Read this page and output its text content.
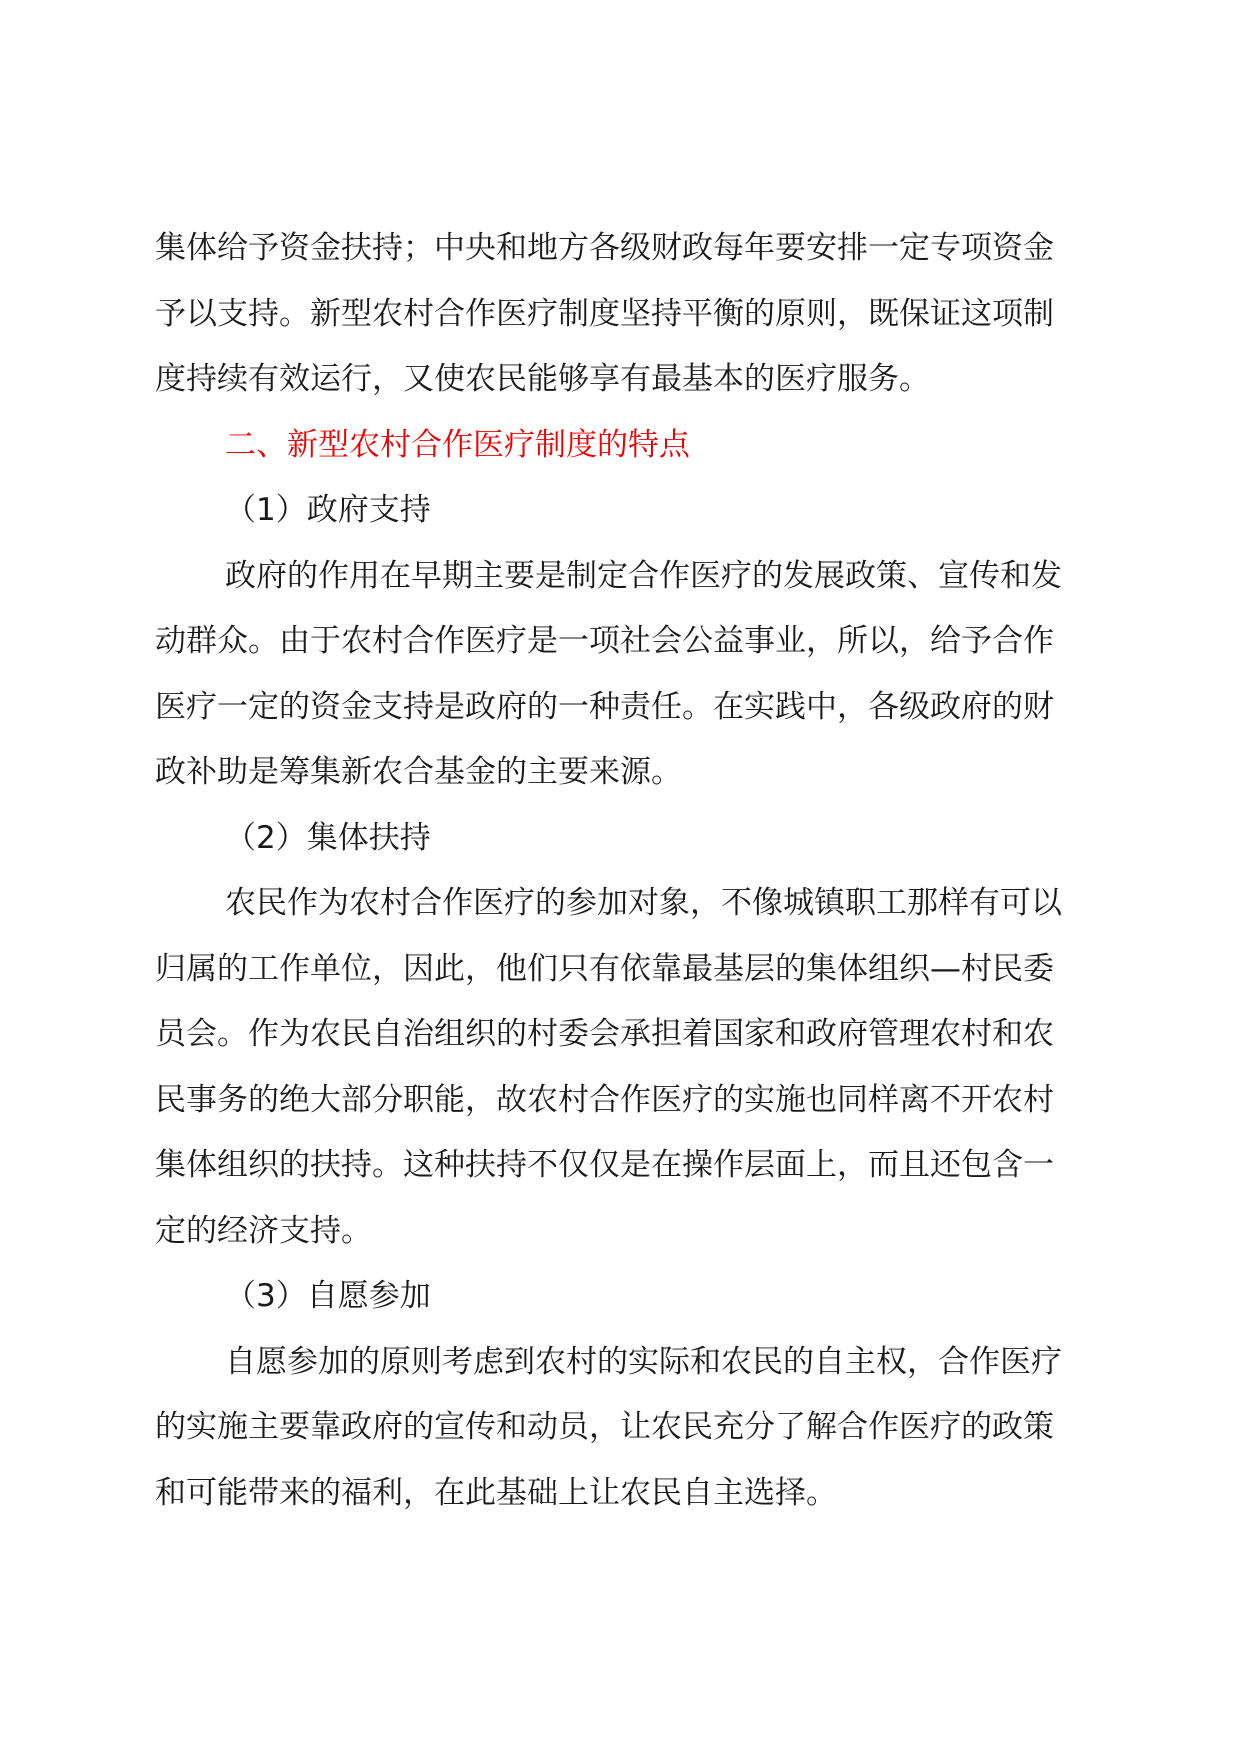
集体给予资金扶持；中央和地方各级财政每年要安排一定专项资金予以支持。新型农村合作医疗制度坚持平衡的原则，既保证这项制度持续有效运行，又使农民能够享有最基本的医疗服务。

二、新型农村合作医疗制度的特点

（1）政府支持

政府的作用在早期主要是制定合作医疗的发展政策、宣传和发动群众。由于农村合作医疗是一项社会公益事业，所以，给予合作医疗一定的资金支持是政府的一种责任。在实践中，各级政府的财政补助是筹集新农合基金的主要来源。

（2）集体扶持

农民作为农村合作医疗的参加对象，不像城镇职工那样有可以归属的工作单位，因此，他们只有依靠最基层的集体组织—村民委员会。作为农民自治组织的村委会承担着国家和政府管理农村和农民事务的绝大部分职能，故农村合作医疗的实施也同样离不开农村集体组织的扶持。这种扶持不仅仅是在操作层面上，而且还包含一定的经济支持。

（3）自愿参加

自愿参加的原则考虑到农村的实际和农民的自主权，合作医疗的实施主要靠政府的宣传和动员，让农民充分了解合作医疗的政策和可能带来的福利，在此基础上让农民自主选择。
